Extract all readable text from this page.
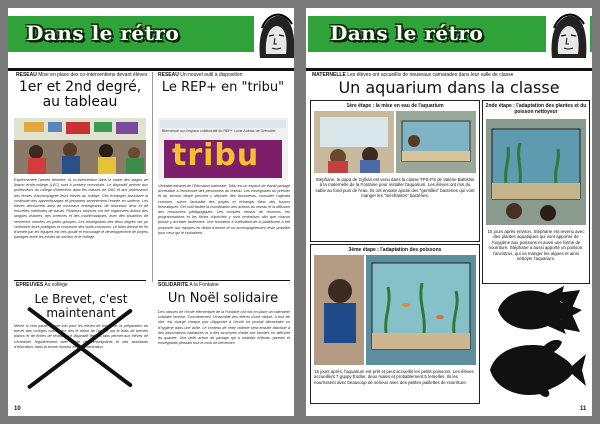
Dans le rétro
RESEAU Mise en place des co-interventions devant élèves
1er et 2nd degré, au tableau
Expérimentée l'année dernière, la co-intervention dans le cadre des stages de liaison école-collège (LEC) sont à présent reconduits. Le dispositif permet aux professeurs du collège d'intervenir dans les classes de CM2 et aux professeurs des écoles d'accompagner leurs élèves au collège. Ces échanges favorisent la continuité des apprentissages et préparent sereinement l'entrée en sixième. Les élèves découvrent ainsi de nouveaux enseignants, de nouveaux lieux et de nouvelles méthodes de travail. Plusieurs séances ont été organisées autour des langues vivantes, des sciences et des mathématiques, avec des situations de recherche menées en petits groupes. Les enseignants des deux degrés ont pu confronter leurs pratiques et construire des outils communs. Le bilan dressé en fin d'année par les équipes est très positif et encourage le développement de projets partagés entre les écoles du secteur et le collège.
RESEAU Un nouvel outil à disposition
Le REP+ en "tribu"
Bienvenue sur l'espace collaboratif du REP+ Lucie Aubrac de Grenoble
tribu
Véritable intranet de l'Éducation nationale, Tribu est un espace de travail partagé accessible à l'ensemble des personnels du réseau. Les enseignants du premier et du second degré peuvent y déposer des documents, consulter l'agenda commun, suivre l'actualité des projets et échanger dans des forums thématiques. Cet outil facilite la coordination des actions du réseau et la diffusion des ressources pédagogiques. Les comptes rendus de réunions, les programmations et les fiches d'activités y sont centralisés afin que chacun puisse y accéder facilement. Une formation à l'utilisation de la plateforme a été proposée aux équipes en début d'année et un accompagnement reste possible pour ceux qui le souhaitent.
EPREUVES Au collège
Le Brevet, c'est maintenant
Même si cela paraît encore loin pour les élèves de troisième, la préparation du brevet des collèges commence dès le début de l'année par le biais de brevets blancs et de fiches de révision. Le dispositif devoirs faits permet aux élèves de s'entraîner régulièrement avec l'aide des enseignants et des assistants d'éducation, dans la bonne humeur et la concentration.
SOLIDARITE A la Fontaine
Un Noël solidaire
Des classes de l'école élémentaire de la Fontaine ont mis en place un calendrier solidaire inversé. Concrètement, l'ensemble des élèves d'une classe, à tour de rôle, est chargé chaque jour d'apporter à l'école un produit alimentaire ou d'hygiène dans une boîte. Le contenu de cette collecte sera ensuite distribué à des associations caritatives et à des structures d'aide aux familles en difficulté du quartier. Une belle action de partage qui a mobilisé enfants, parents et enseignants pendant tout le mois de décembre.
10
Dans le rétro
MATERNELLE Les élèves ont accueillis de nouveaux camarades dans leur salle de classe
Un aquarium dans la classe
1ère étape : la mise en eau de l'aquarium
Stéphane, le papa de Gyllian est venu dans la classe TPS-PS de Valérie Battistini à la maternelle de la Fontaine pour installer l'aquarium. Les élèves ont mis du sable au fond puis de l'eau. Ils ont ensuite ajouté des "gentilles" bactéries qui vont manger les "méchantes" bactéries.
2nde étape : l'adaptation des plantes et du poisson nettoyeur
15 jours après environ, Stéphane est revenu avec des plantes aquatiques qui vont apporter de l'oxygène aux poissons et aussi une forme de nourriture. Stéphane a aussi apporté un poisson, l'ancistrus, qui va manger les algues et ainsi nettoyer l'aquarium.
3ème étape : l'adaptation des poissons
15 jours après, l'aquarium est prêt et peut accueillir les petits poissons. Les élèves accueillent 7 guppy Endler, deux males et probablement 5 femelles. Ils les nourrissent avec beaucoup de sérieux avec des petites paillettes de nourriture.
11
